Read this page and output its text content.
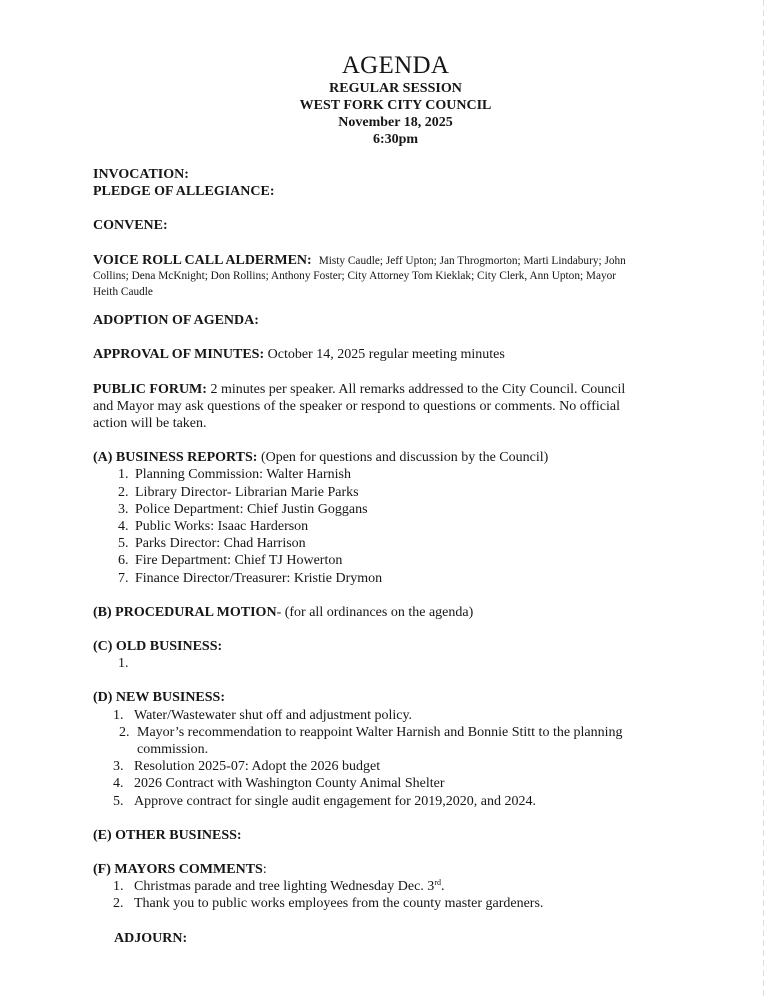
AGENDA
REGULAR SESSION
WEST FORK CITY COUNCIL
November 18, 2025
6:30pm

INVOCATION:

PLEDGE OF ALLEGIANCE:

CONVENE:

VOICE ROLL CALL ALDERMEN: Misty Caudle; Jeff Upton; Jan Throgmorton; Marti Lindabury; John

Collins; Dena McKnight; Don Rollins; Anthony Foster; City Attorney Tom Kieklak; City Clerk, Ann Upton; Mayor

Heith Caudle

ADOPTION OF AGENDA:

APPROVAL OF MINUTES: October 14, 2025 regular meeting minutes

PUBLIC FORUM: 2 minutes per speaker. All remarks addressed to the City Council. Council

and Mayor may ask questions of the speaker or respond to questions or comments. No official

action will be taken.

(A) BUSINESS REPORTS: (Open for questions and discussion by the Council)

1. Planning Commission: Walter Harnish
2. Library Director- Librarian Marie Parks
3. Police Department: Chief Justin Goggans
4. Public Works: Isaac Harderson
5. Parks Director: Chad Harrison
6. Fire Department: Chief TJ Howerton
7. Finance Director/Treasurer: Kristie Drymon

(B) PROCEDURAL MOTION- (for all ordinances on the agenda)

(C) OLD BUSINESS:

1.

(D) NEW BUSINESS:

1. Water/Wastewater shut off and adjustment policy.
2. Mayor’s recommendation to reappoint Walter Harnish and Bonnie Stitt to the planning
commission.
3. Resolution 2025-07: Adopt the 2026 budget
4. 2026 Contract with Washington County Animal Shelter
5. Approve contract for single audit engagement for 2019,2020, and 2024.

(E) OTHER BUSINESS:

(F) MAYORS COMMENTS:

1. Christmas parade and tree lighting Wednesday Dec. 3rd.
2. Thank you to public works employees from the county master gardeners.

ADJOURN:
